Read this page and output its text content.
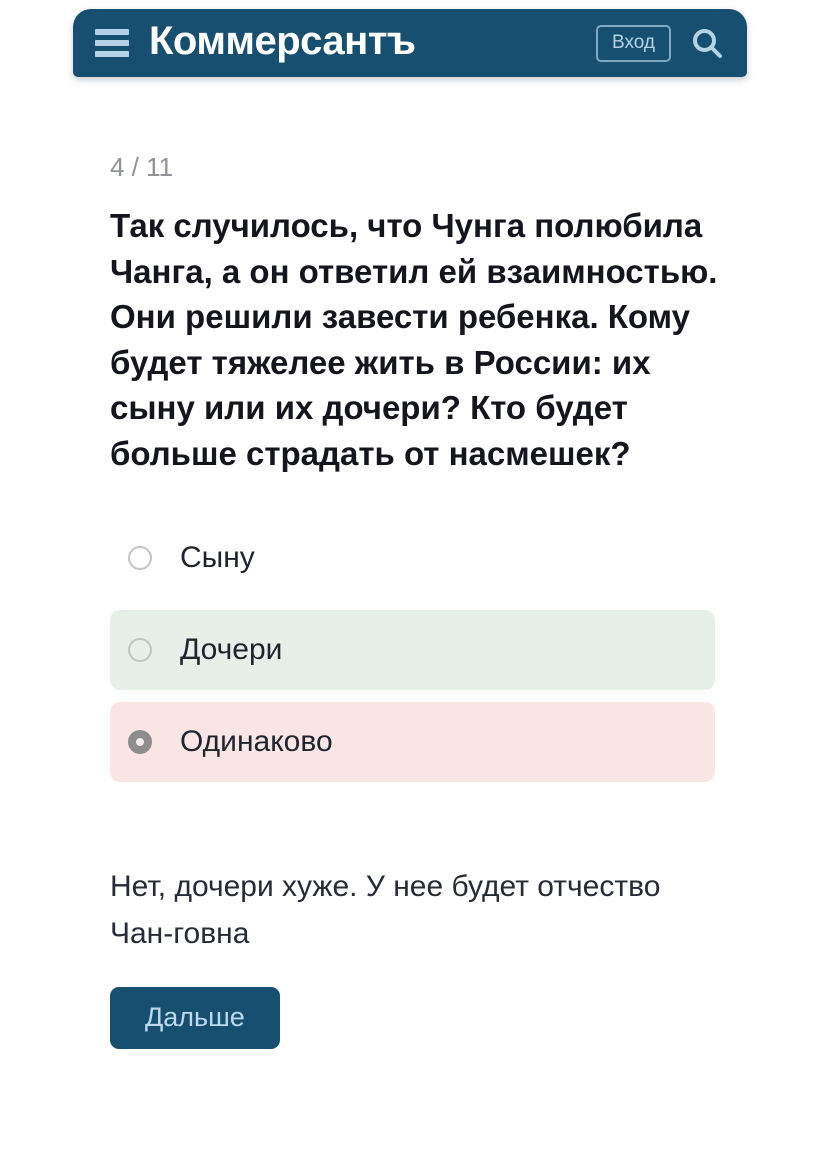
Коммерсантъ	Вход
4 / 11
Так случилось, что Чунга полюбила Чанга, а он ответил ей взаимностью. Они решили завести ребенка. Кому будет тяжелее жить в России: их сыну или их дочери? Кто будет больше страдать от насмешек?
Сыну
Дочери
Одинаково
Нет, дочери хуже. У нее будет отчество Чан-говна
Дальше
